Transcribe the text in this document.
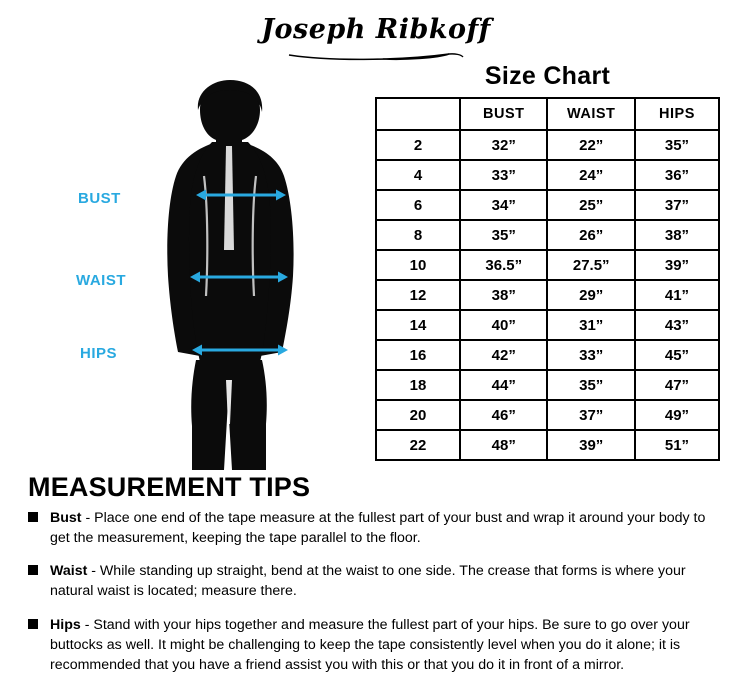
Joseph Ribkoff
BUST
WAIST
HIPS
Size Chart
	BUST	WAIST	HIPS
2	32”	22”	35”
4	33”	24”	36”
6	34”	25”	37”
8	35”	26”	38”
10	36.5”	27.5”	39”
12	38”	29”	41”
14	40”	31”	43”
16	42”	33”	45”
18	44”	35”	47”
20	46”	37”	49”
22	48”	39”	51”
MEASUREMENT TIPS
Bust - Place one end of the tape measure at the fullest part of your bust and wrap it around your body to get the measurement, keeping the tape parallel to the floor.
Waist - While standing up straight, bend at the waist to one side. The crease that forms is where your natural waist is located; measure there.
Hips - Stand with your hips together and measure the fullest part of your hips. Be sure to go over your buttocks as well. It might be challenging to keep the tape consistently level when you do it alone; it is recommended that you have a friend assist you with this or that you do it in front of a mirror.
